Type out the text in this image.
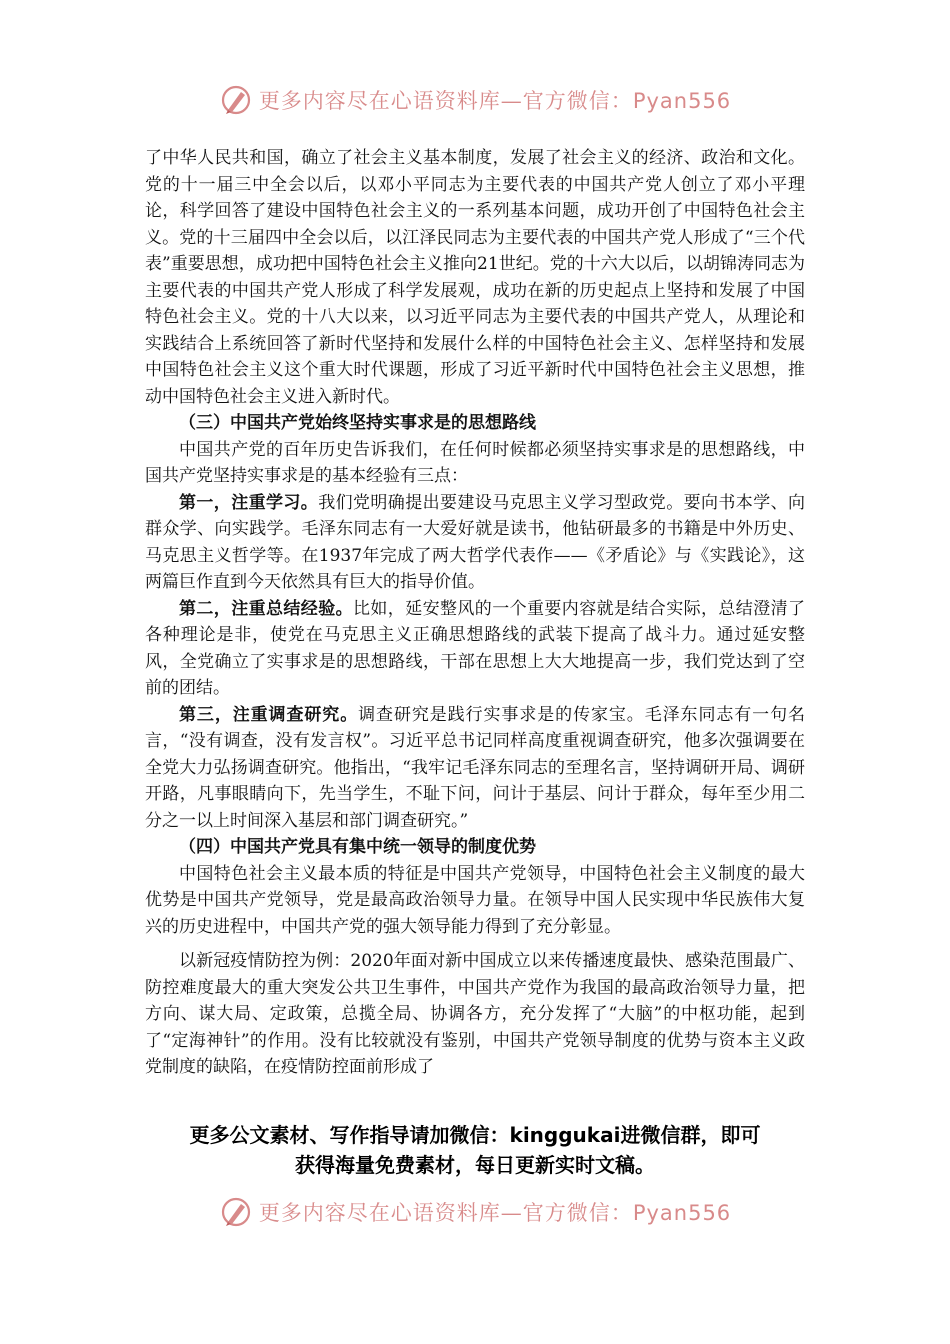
更多内容尽在心语资料库—官方微信：Pyan556

了中华人民共和国，确立了社会主义基本制度，发展了社会主义的经济、政治和文化。党的十一届三中全会以后，以邓小平同志为主要代表的中国共产党人创立了邓小平理论，科学回答了建设中国特色社会主义的一系列基本问题，成功开创了中国特色社会主义。党的十三届四中全会以后，以江泽民同志为主要代表的中国共产党人形成了“三个代表”重要思想，成功把中国特色社会主义推向21世纪。党的十六大以后，以胡锦涛同志为主要代表的中国共产党人形成了科学发展观，成功在新的历史起点上坚持和发展了中国特色社会主义。党的十八大以来，以习近平同志为主要代表的中国共产党人，从理论和实践结合上系统回答了新时代坚持和发展什么样的中国特色社会主义、怎样坚持和发展中国特色社会主义这个重大时代课题，形成了习近平新时代中国特色社会主义思想，推动中国特色社会主义进入新时代。

（三）中国共产党始终坚持实事求是的思想路线

中国共产党的百年历史告诉我们，在任何时候都必须坚持实事求是的思想路线，中国共产党坚持实事求是的基本经验有三点：

第一，注重学习。我们党明确提出要建设马克思主义学习型政党。要向书本学、向群众学、向实践学。毛泽东同志有一大爱好就是读书，他钻研最多的书籍是中外历史、马克思主义哲学等。在1937年完成了两大哲学代表作——《矛盾论》与《实践论》，这两篇巨作直到今天依然具有巨大的指导价值。

第二，注重总结经验。比如，延安整风的一个重要内容就是结合实际，总结澄清了各种理论是非，使党在马克思主义正确思想路线的武装下提高了战斗力。通过延安整风，全党确立了实事求是的思想路线，干部在思想上大大地提高一步，我们党达到了空前的团结。

第三，注重调查研究。调查研究是践行实事求是的传家宝。毛泽东同志有一句名言，“没有调查，没有发言权”。习近平总书记同样高度重视调查研究，他多次强调要在全党大力弘扬调查研究。他指出，“我牢记毛泽东同志的至理名言，坚持调研开局、调研开路，凡事眼睛向下，先当学生，不耻下问，问计于基层、问计于群众，每年至少用二分之一以上时间深入基层和部门调查研究。”

（四）中国共产党具有集中统一领导的制度优势

中国特色社会主义最本质的特征是中国共产党领导，中国特色社会主义制度的最大优势是中国共产党领导，党是最高政治领导力量。在领导中国人民实现中华民族伟大复兴的历史进程中，中国共产党的强大领导能力得到了充分彰显。

以新冠疫情防控为例：2020年面对新中国成立以来传播速度最快、感染范围最广、防控难度最大的重大突发公共卫生事件，中国共产党作为我国的最高政治领导力量，把方向、谋大局、定政策，总揽全局、协调各方，充分发挥了“大脑”的中枢功能，起到了“定海神针”的作用。没有比较就没有鉴别，中国共产党领导制度的优势与资本主义政党制度的缺陷，在疫情防控面前形成了

更多公文素材、写作指导请加微信：kinggukai进微信群，即可
获得海量免费素材，每日更新实时文稿。
更多内容尽在心语资料库—官方微信：Pyan556
